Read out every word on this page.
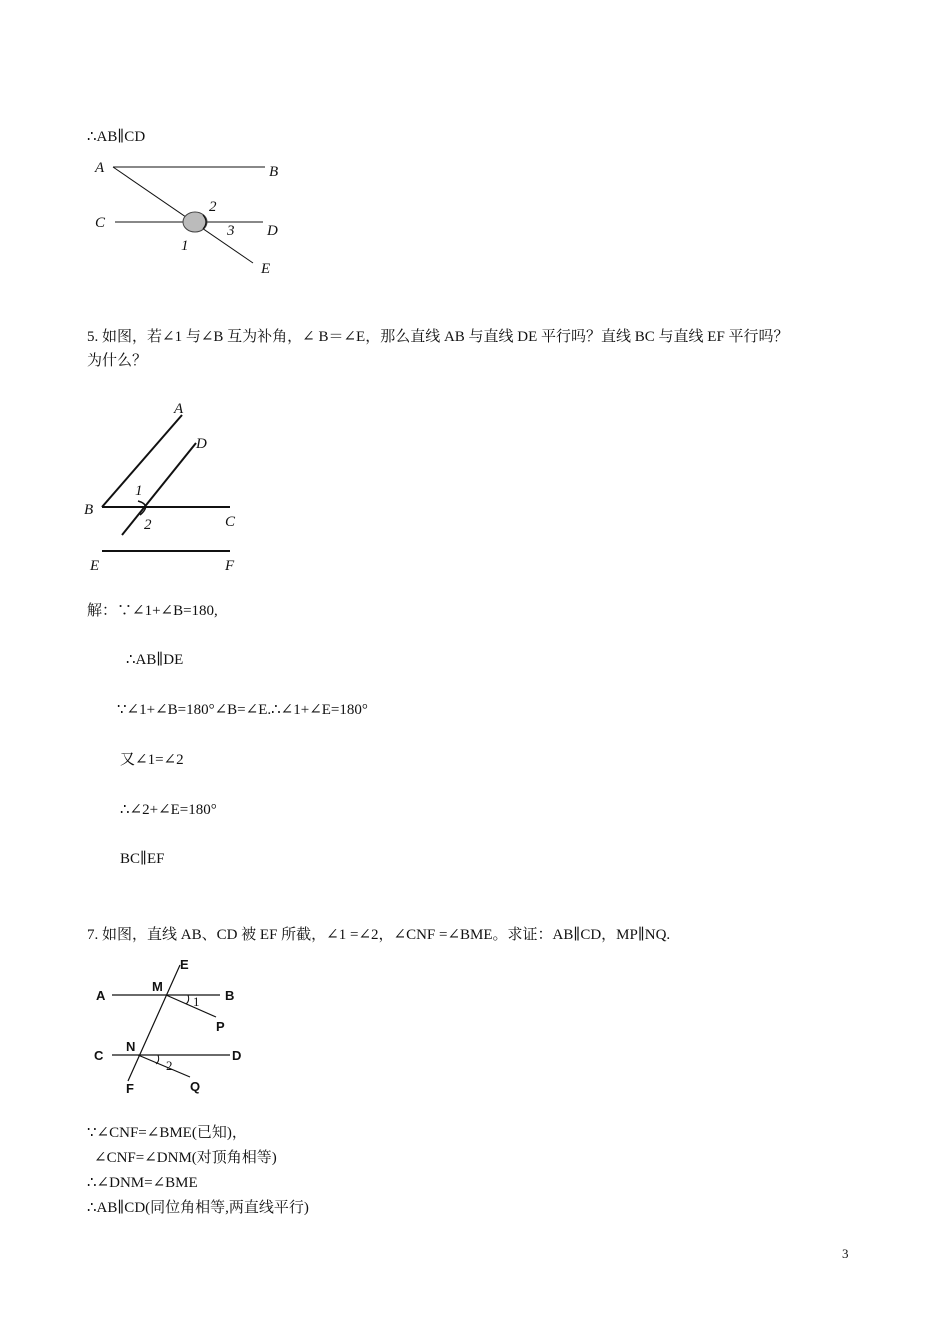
∴AB∥CD
A	B
C	D
E
1
2
3
5. 如图，若∠1 与∠B 互为补角，∠ B＝∠E，那么直线 AB 与直线 DE 平行吗？直线 BC 与直线 EF 平行吗？
为什么？
A
D
B
1
2	C
E	F
解：∵∠1+∠B=180,
∴AB∥DE
∵∠1+∠B=180°∠B=∠E.∴∠1+∠E=180°
又∠1=∠2
∴∠2+∠E=180°
BC∥EF
7. 如图，直线 AB、CD 被 EF 所截，∠1 =∠2，∠CNF =∠BME。求证：AB∥CD，MP∥NQ.
E
M
A	B
1
P
N
C	D
2
F	Q
∵∠CNF=∠BME(已知)，
∠CNF=∠DNM(对顶角相等)
∴∠DNM=∠BME
∴AB∥CD(同位角相等,两直线平行)
3
